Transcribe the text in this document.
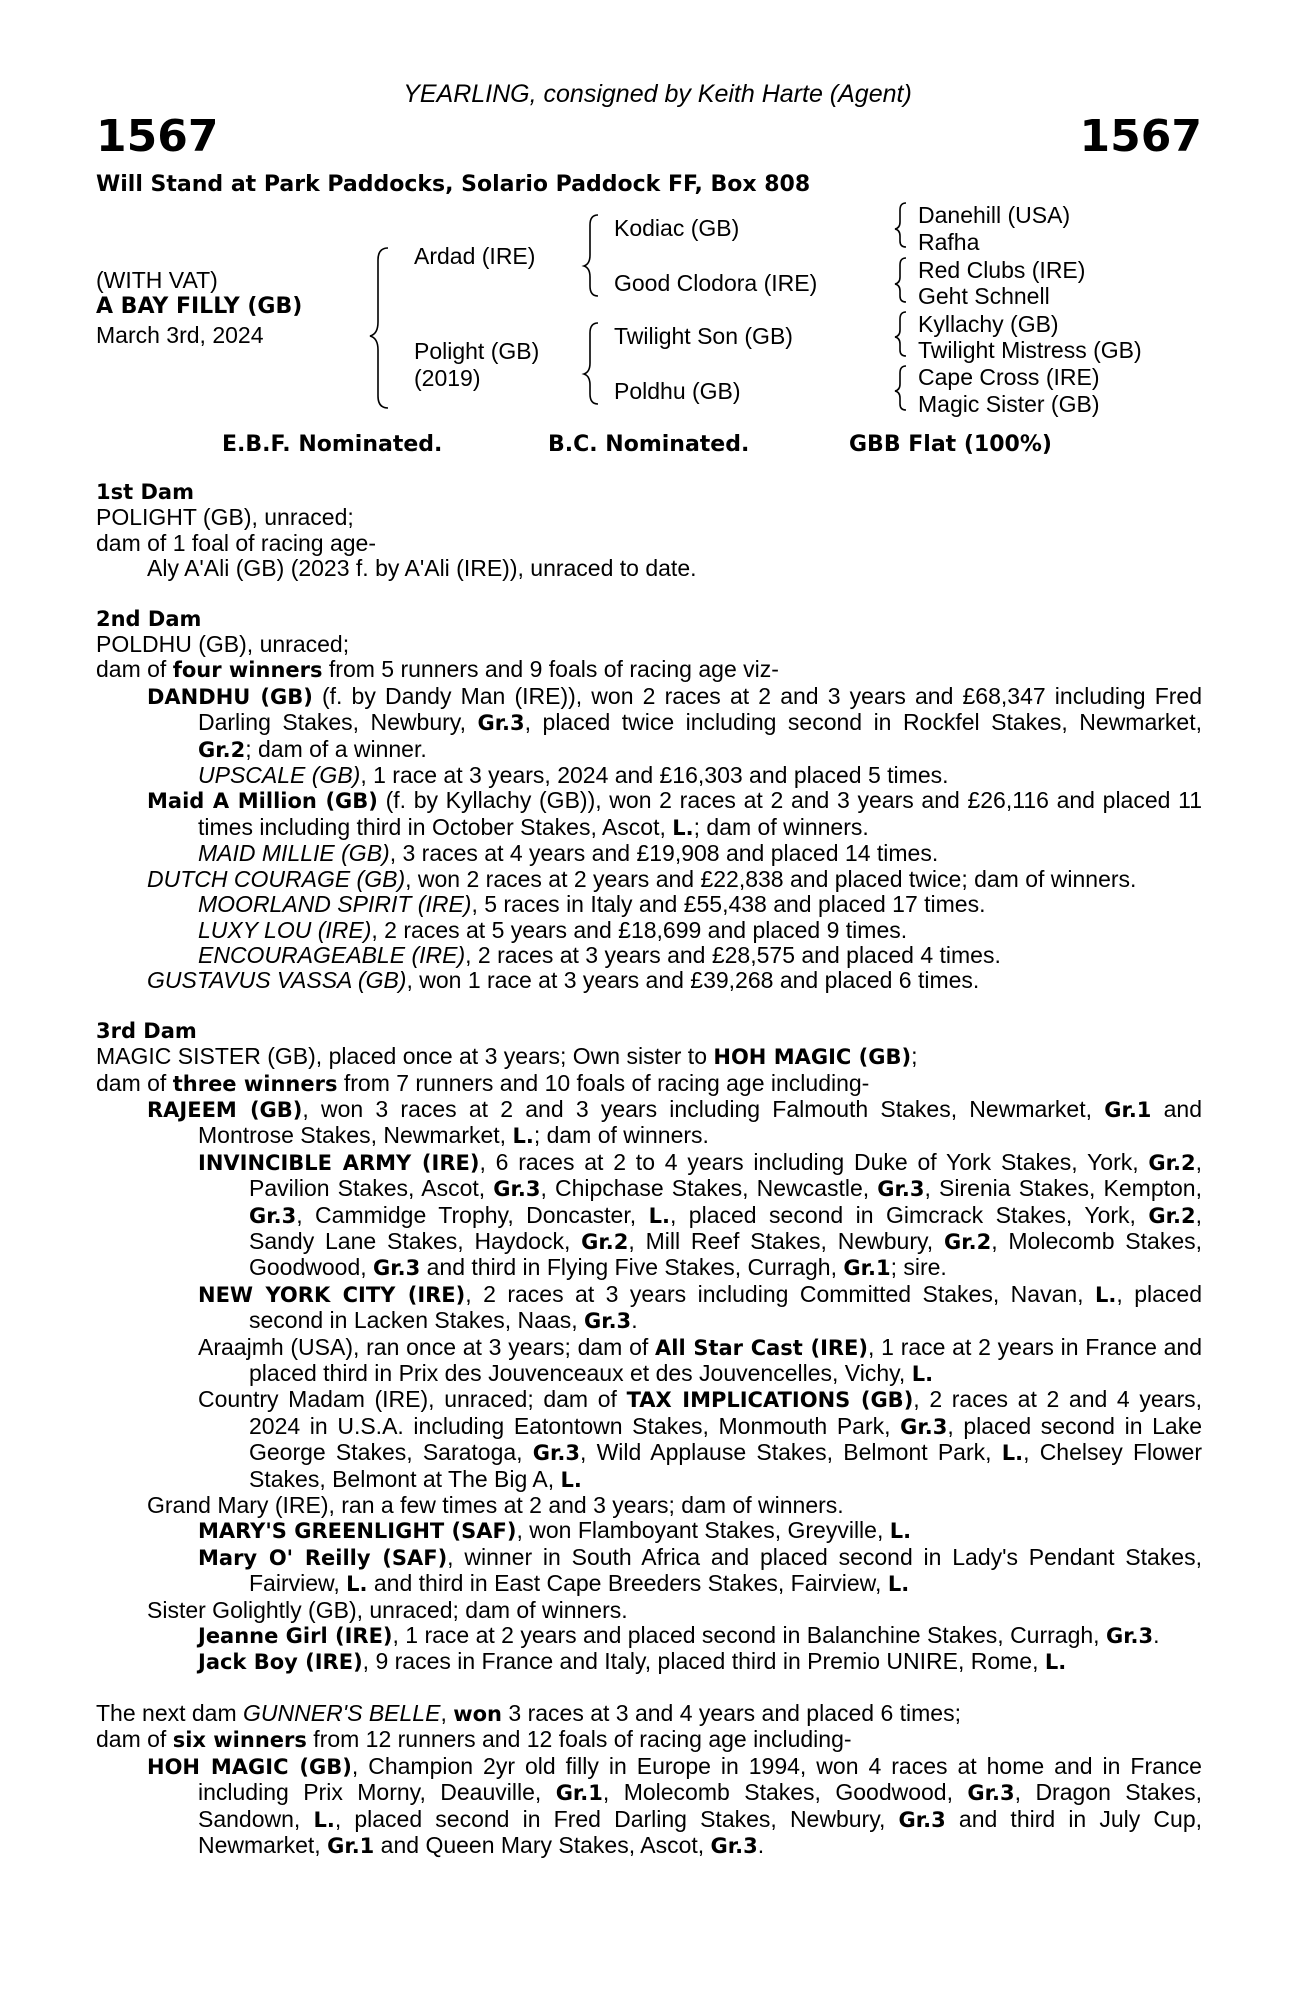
YEARLING, consigned by Keith Harte (Agent)
1567	1567
Will Stand at Park Paddocks, Solario Paddock FF, Box 808
(WITH VAT)
A BAY FILLY (GB)
March 3rd, 2024
Ardad (IRE)
Polight (GB)
(2019)
Kodiac (GB)
Good Clodora (IRE)
Twilight Son (GB)
Poldhu (GB)
Danehill (USA)
Rafha
Red Clubs (IRE)
Geht Schnell
Kyllachy (GB)
Twilight Mistress (GB)
Cape Cross (IRE)
Magic Sister (GB)
E.B.F. Nominated.	B.C. Nominated.	GBB Flat (100%)

1st Dam

POLIGHT (GB), unraced;

dam of 1 foal of racing age-

Aly A'Ali (GB) (2023 f. by A'Ali (IRE)), unraced to date.

2nd Dam

POLDHU (GB), unraced;

dam of four winners from 5 runners and 9 foals of racing age viz-

DANDHU (GB) (f. by Dandy Man (IRE)), won 2 races at 2 and 3 years and £68,347 including Fred Darling Stakes, Newbury, Gr.3, placed twice including second in Rockfel Stakes, Newmarket, Gr.2; dam of a winner.

UPSCALE (GB), 1 race at 3 years, 2024 and £16,303 and placed 5 times.

Maid A Million (GB) (f. by Kyllachy (GB)), won 2 races at 2 and 3 years and £26,116 and placed 11 times including third in October Stakes, Ascot, L.; dam of winners.

MAID MILLIE (GB), 3 races at 4 years and £19,908 and placed 14 times.

DUTCH COURAGE (GB), won 2 races at 2 years and £22,838 and placed twice; dam of winners.

MOORLAND SPIRIT (IRE), 5 races in Italy and £55,438 and placed 17 times.

LUXY LOU (IRE), 2 races at 5 years and £18,699 and placed 9 times.

ENCOURAGEABLE (IRE), 2 races at 3 years and £28,575 and placed 4 times.

GUSTAVUS VASSA (GB), won 1 race at 3 years and £39,268 and placed 6 times.

3rd Dam

MAGIC SISTER (GB), placed once at 3 years; Own sister to HOH MAGIC (GB);

dam of three winners from 7 runners and 10 foals of racing age including-

RAJEEM (GB), won 3 races at 2 and 3 years including Falmouth Stakes, Newmarket, Gr.1 and Montrose Stakes, Newmarket, L.; dam of winners.

INVINCIBLE ARMY (IRE), 6 races at 2 to 4 years including Duke of York Stakes, York, Gr.2, Pavilion Stakes, Ascot, Gr.3, Chipchase Stakes, Newcastle, Gr.3, Sirenia Stakes, Kempton, Gr.3, Cammidge Trophy, Doncaster, L., placed second in Gimcrack Stakes, York, Gr.2, Sandy Lane Stakes, Haydock, Gr.2, Mill Reef Stakes, Newbury, Gr.2, Molecomb Stakes, Goodwood, Gr.3 and third in Flying Five Stakes, Curragh, Gr.1; sire.

NEW YORK CITY (IRE), 2 races at 3 years including Committed Stakes, Navan, L., placed second in Lacken Stakes, Naas, Gr.3.

Araajmh (USA), ran once at 3 years; dam of All Star Cast (IRE), 1 race at 2 years in France and placed third in Prix des Jouvenceaux et des Jouvencelles, Vichy, L.

Country Madam (IRE), unraced; dam of TAX IMPLICATIONS (GB), 2 races at 2 and 4 years, 2024 in U.S.A. including Eatontown Stakes, Monmouth Park, Gr.3, placed second in Lake George Stakes, Saratoga, Gr.3, Wild Applause Stakes, Belmont Park, L., Chelsey Flower Stakes, Belmont at The Big A, L.

Grand Mary (IRE), ran a few times at 2 and 3 years; dam of winners.

MARY'S GREENLIGHT (SAF), won Flamboyant Stakes, Greyville, L.

Mary O' Reilly (SAF), winner in South Africa and placed second in Lady's Pendant Stakes, Fairview, L. and third in East Cape Breeders Stakes, Fairview, L.

Sister Golightly (GB), unraced; dam of winners.

Jeanne Girl (IRE), 1 race at 2 years and placed second in Balanchine Stakes, Curragh, Gr.3.

Jack Boy (IRE), 9 races in France and Italy, placed third in Premio UNIRE, Rome, L.

The next dam GUNNER'S BELLE, won 3 races at 3 and 4 years and placed 6 times;

dam of six winners from 12 runners and 12 foals of racing age including-

HOH MAGIC (GB), Champion 2yr old filly in Europe in 1994, won 4 races at home and in France including Prix Morny, Deauville, Gr.1, Molecomb Stakes, Goodwood, Gr.3, Dragon Stakes, Sandown, L., placed second in Fred Darling Stakes, Newbury, Gr.3 and third in July Cup, Newmarket, Gr.1 and Queen Mary Stakes, Ascot, Gr.3.
